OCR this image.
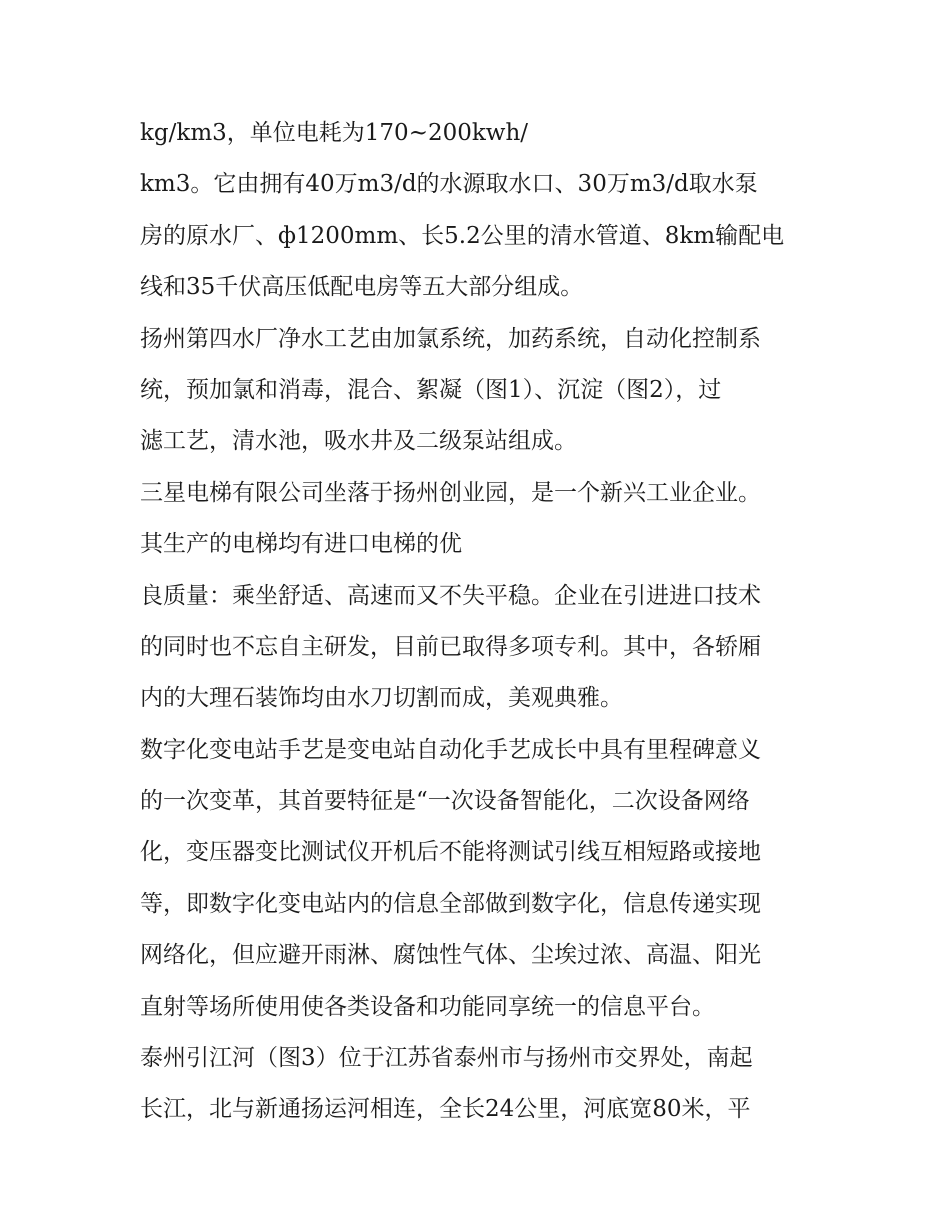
kg/km3，单位电耗为170~200kwh/
km3。它由拥有40万m3/d的水源取水口、30万m3/d取水泵
房的原水厂、ф1200mm、长5.2公里的清水管道、8km输配电
线和35千伏高压低配电房等五大部分组成。
扬州第四水厂净水工艺由加氯系统，加药系统，自动化控制系
统，预加氯和消毒，混合、絮凝（图1）、沉淀（图2），过
滤工艺，清水池，吸水井及二级泵站组成。
三星电梯有限公司坐落于扬州创业园，是一个新兴工业企业。
其生产的电梯均有进口电梯的优
良质量：乘坐舒适、高速而又不失平稳。企业在引进进口技术
的同时也不忘自主研发，目前已取得多项专利。其中，各轿厢
内的大理石装饰均由水刀切割而成，美观典雅。
数字化变电站手艺是变电站自动化手艺成长中具有里程碑意义
的一次变革，其首要特征是“一次设备智能化，二次设备网络
化，变压器变比测试仪开机后不能将测试引线互相短路或接地
等，即数字化变电站内的信息全部做到数字化，信息传递实现
网络化，但应避开雨淋、腐蚀性气体、尘埃过浓、高温、阳光
直射等场所使用使各类设备和功能同享统一的信息平台。
泰州引江河（图3）位于江苏省泰州市与扬州市交界处，南起
长江，北与新通扬运河相连，全长24公里，河底宽80米，平
